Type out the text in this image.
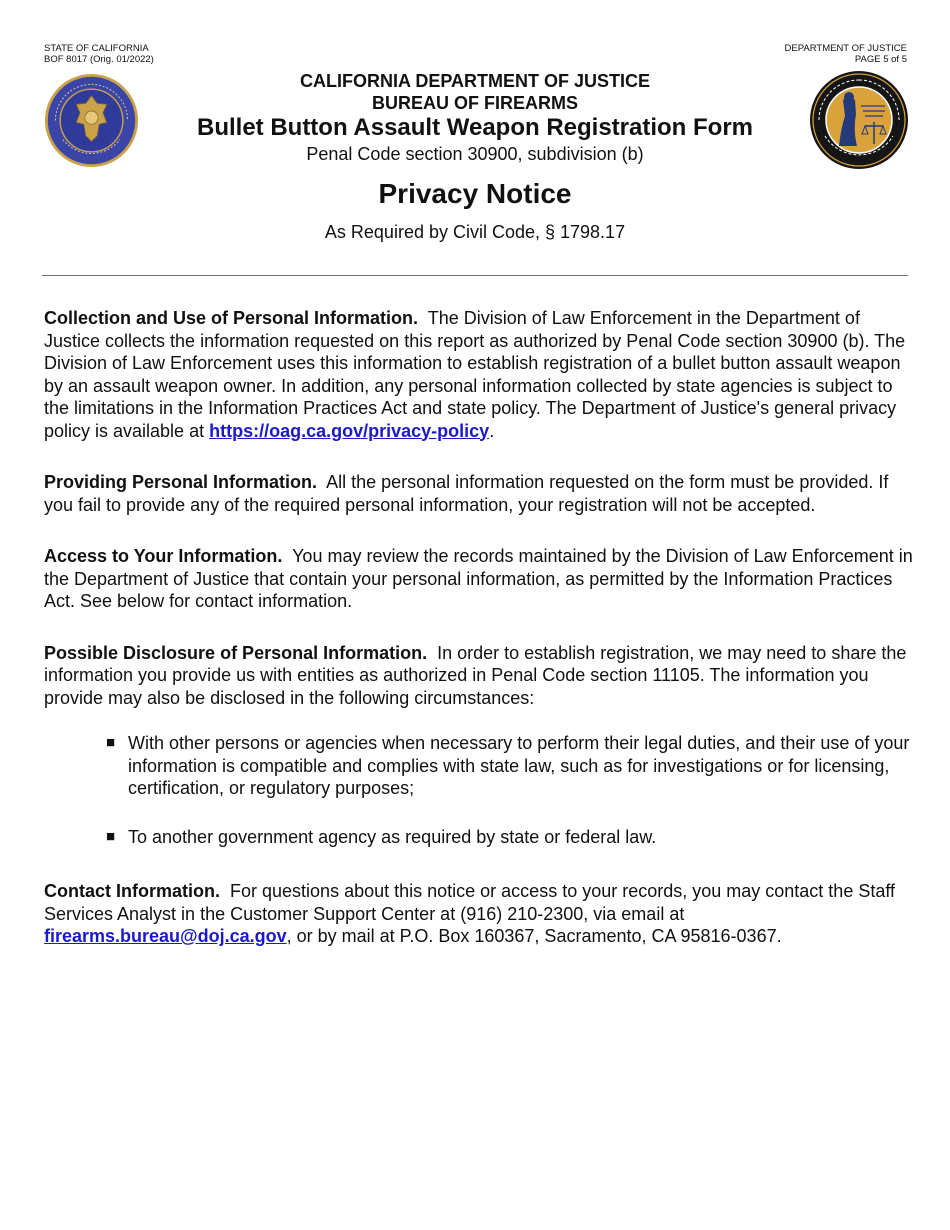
STATE OF CALIFORNIA
BOF 8017 (Orig. 01/2022)
DEPARTMENT OF JUSTICE
PAGE 5 of 5
CALIFORNIA DEPARTMENT OF JUSTICE
BUREAU OF FIREARMS
Bullet Button Assault Weapon Registration Form
Penal Code section 30900, subdivision (b)
Privacy Notice
As Required by Civil Code, § 1798.17

Collection and Use of Personal Information. The Division of Law Enforcement in the Department of Justice collects the information requested on this report as authorized by Penal Code section 30900 (b). The Division of Law Enforcement uses this information to establish registration of a bullet button assault weapon by an assault weapon owner. In addition, any personal information collected by state agencies is subject to the limitations in the Information Practices Act and state policy. The Department of Justice's general privacy policy is available at https://oag.ca.gov/privacy-policy.

Providing Personal Information. All the personal information requested on the form must be provided. If you fail to provide any of the required personal information, your registration will not be accepted.

Access to Your Information. You may review the records maintained by the Division of Law Enforcement in the Department of Justice that contain your personal information, as permitted by the Information Practices Act. See below for contact information.

Possible Disclosure of Personal Information. In order to establish registration, we may need to share the information you provide us with entities as authorized in Penal Code section 11105. The information you provide may also be disclosed in the following circumstances:

■ With other persons or agencies when necessary to perform their legal duties, and their use of your information is compatible and complies with state law, such as for investigations or for licensing, certification, or regulatory purposes;
■ To another government agency as required by state or federal law.

Contact Information. For questions about this notice or access to your records, you may contact the Staff Services Analyst in the Customer Support Center at (916) 210-2300, via email at firearms.bureau@doj.ca.gov, or by mail at P.O. Box 160367, Sacramento, CA 95816-0367.
